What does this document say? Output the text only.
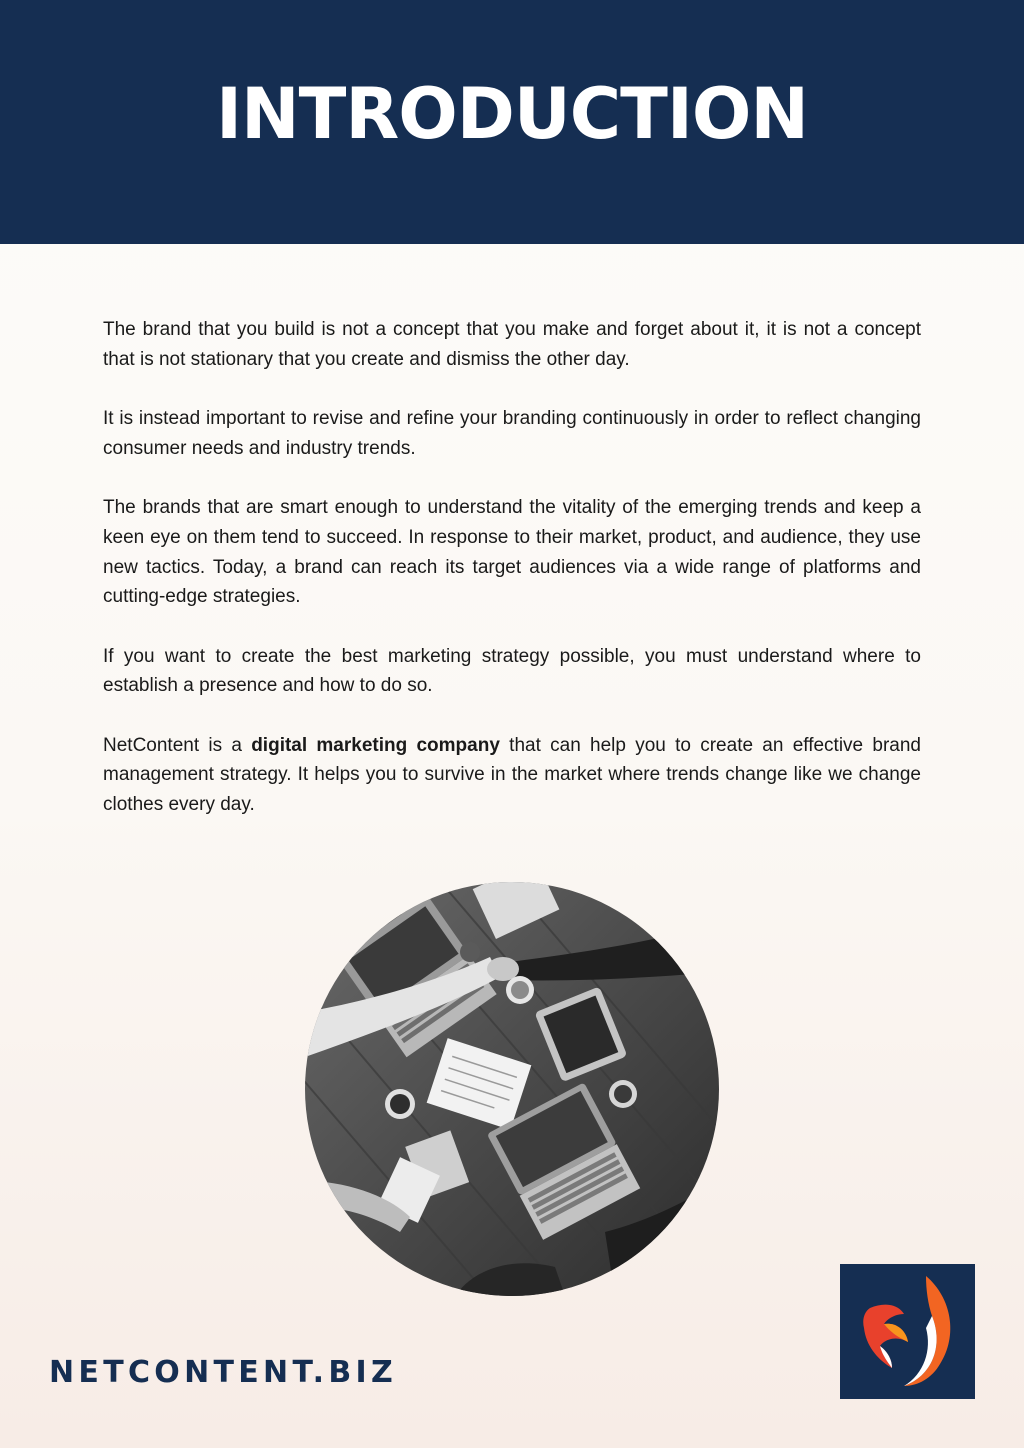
INTRODUCTION

The brand that you build is not a concept that you make and forget about it, it is not a concept that is not stationary that you create and dismiss the other day.

It is instead important to revise and refine your branding continuously in order to reflect changing consumer needs and industry trends.

The brands that are smart enough to understand the vitality of the emerging trends and keep a keen eye on them tend to succeed. In response to their market, product, and audience, they use new tactics. Today, a brand can reach its target audiences via a wide range of platforms and cutting-edge strategies.

If you want to create the best marketing strategy possible, you must understand where to establish a presence and how to do so.

NetContent is a digital marketing company that can help you to create an effective brand management strategy. It helps you to survive in the market where trends change like we change clothes every day.

NETCONTENT.BIZ
